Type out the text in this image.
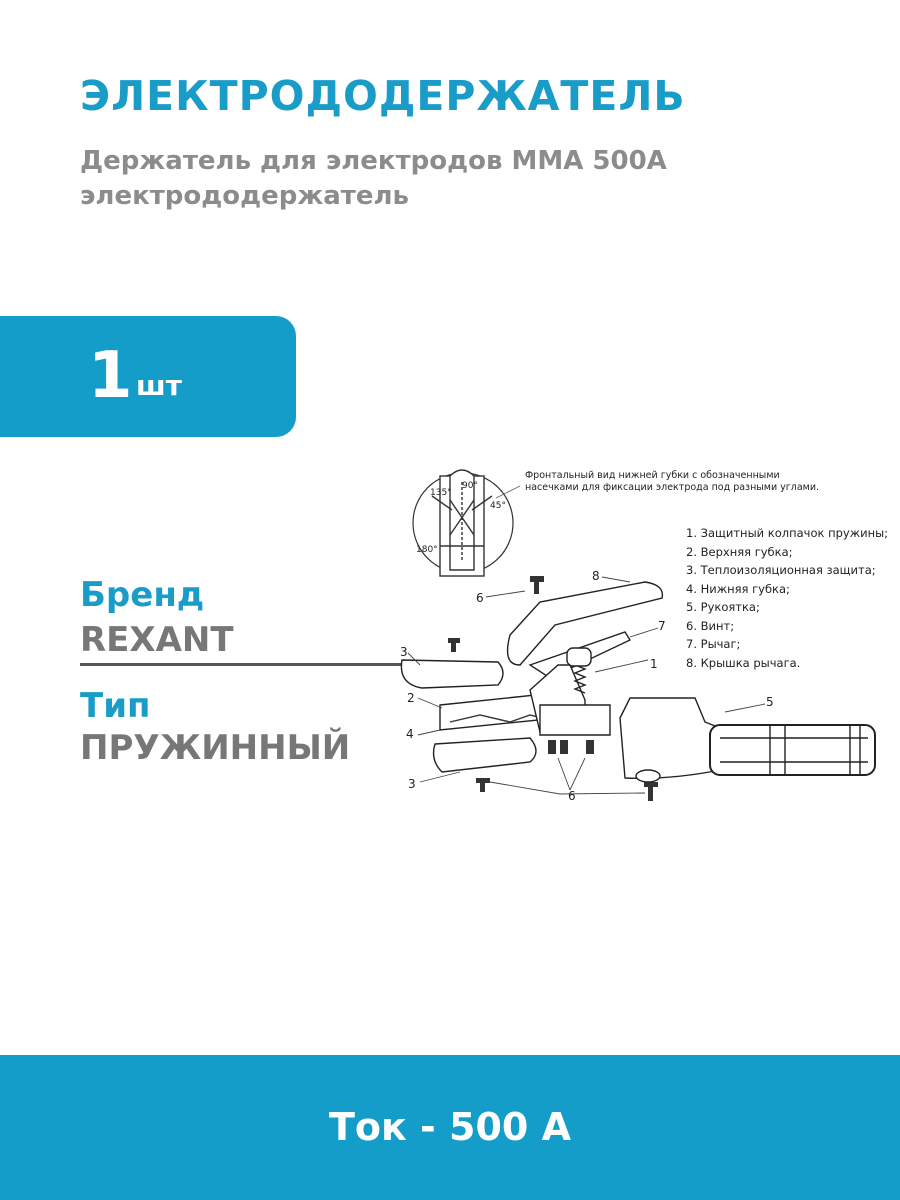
ЭЛЕКТРОДОДЕРЖАТЕЛЬ
Держатель для электродов ММА 500А
электрододержатель
1 шт
Бренд
REXANT
Тип
ПРУЖИННЫЙ
Фронтальный вид нижней губки с обозначенными насечками для фиксации электрода под разными углами.
1. Защитный колпачок пружины;
2. Верхняя губка;
3. Теплоизоляционная защита;
4. Нижняя губка;
5. Рукоятка;
6. Винт;
7. Рычаг;
8. Крышка рычага.
135°
90°
45°
180°
1
2
3
3
4
5
6
6
7
8
Ток - 500 А
